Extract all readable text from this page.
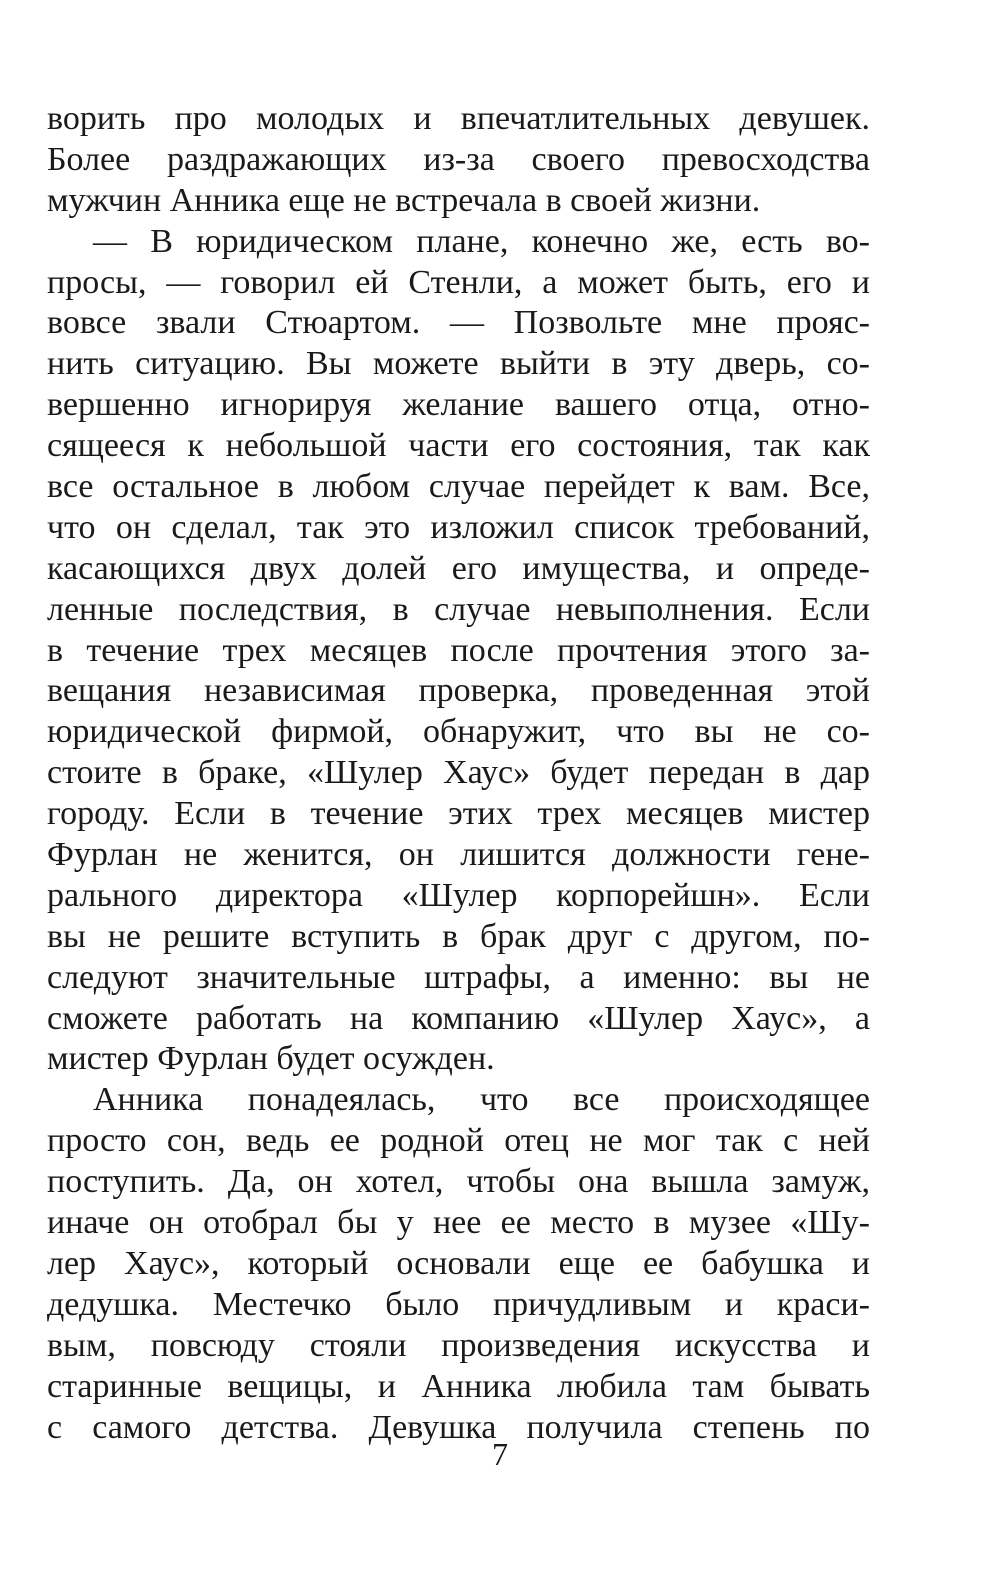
ворить про молодых и впечатлительных девушек.
Более раздражающих из-за своего превосходства
мужчин Анника еще не встречала в своей жизни.
— В юридическом плане, конечно же, есть во-
просы, — говорил ей Стенли, а может быть, его и
вовсе звали Стюартом. — Позвольте мне прояс-
нить ситуацию. Вы можете выйти в эту дверь, со-
вершенно игнорируя желание вашего отца, отно-
сящееся к небольшой части его состояния, так как
все остальное в любом случае перейдет к вам. Все,
что он сделал, так это изложил список требований,
касающихся двух долей его имущества, и опреде-
ленные последствия, в случае невыполнения. Если
в течение трех месяцев после прочтения этого за-
вещания независимая проверка, проведенная этой
юридической фирмой, обнаружит, что вы не со-
стоите в браке, «Шулер Хаус» будет передан в дар
городу. Если в течение этих трех месяцев мистер
Фурлан не женится, он лишится должности гене-
рального директора «Шулер корпорейшн». Если
вы не решите вступить в брак друг с другом, по-
следуют значительные штрафы, а именно: вы не
сможете работать на компанию «Шулер Хаус», а
мистер Фурлан будет осужден.
Анника понадеялась, что все происходящее
просто сон, ведь ее родной отец не мог так с ней
поступить. Да, он хотел, чтобы она вышла замуж,
иначе он отобрал бы у нее ее место в музее «Шу-
лер Хаус», который основали еще ее бабушка и
дедушка. Местечко было причудливым и краси-
вым, повсюду стояли произведения искусства и
старинные вещицы, и Анника любила там бывать
с самого детства. Девушка получила степень по
7
